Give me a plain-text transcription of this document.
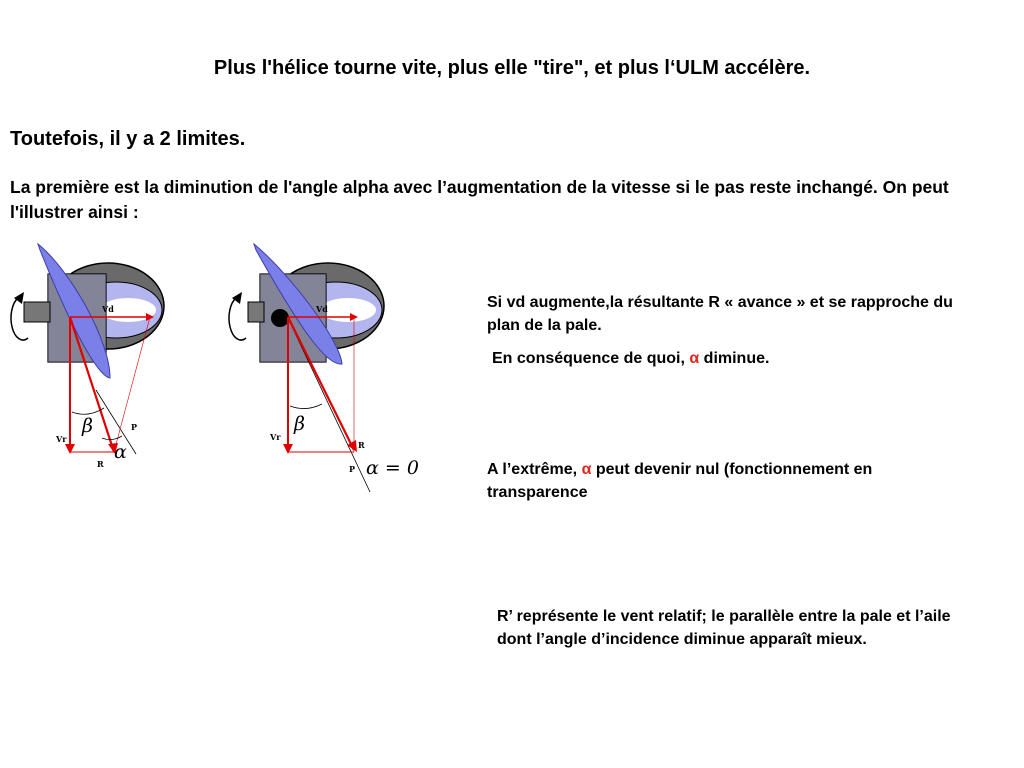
Plus l'hélice tourne vite, plus elle "tire", et plus l‘ULM accélère.

Toutefois, il y a 2 limites.

La première est la diminution de l'angle alpha avec l’augmentation de la vitesse si le pas reste inchangé. On peut l'illustrer ainsi :

Vd
Vr
R
P
β
α
Vd
Vr
R
P
β
α = 0

Si vd augmente,la résultante R « avance » et se rapproche du plan de la pale.

En conséquence de quoi, α diminue.

A l’extrême, α peut devenir nul (fonctionnement en transparence

R’ représente le vent relatif; le parallèle entre la pale et l’aile dont l’angle d’incidence diminue apparaît mieux.
